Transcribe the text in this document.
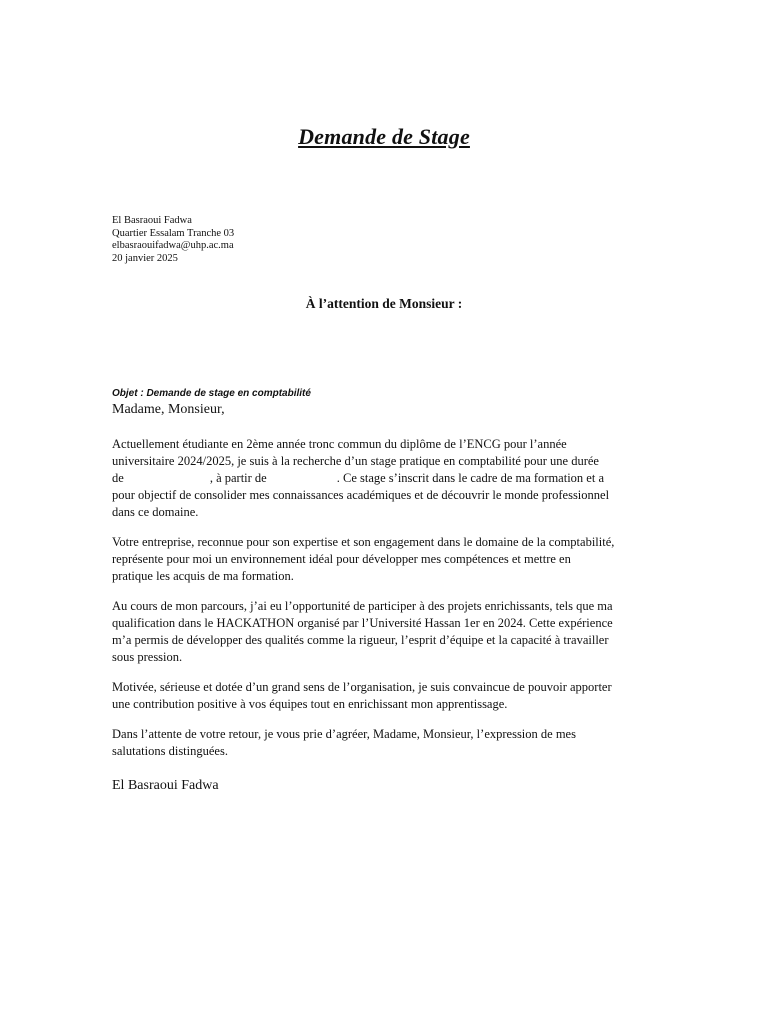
Demande de Stage
El Basraoui Fadwa
Quartier Essalam Tranche 03
elbasraouifadwa@uhp.ac.ma
20 janvier 2025
À l’attention de Monsieur :
Objet : Demande de stage en comptabilité
Madame, Monsieur,
Actuellement étudiante en 2ème année tronc commun du diplôme de l’ENCG pour l’année
universitaire 2024/2025, je suis à la recherche d’un stage pratique en comptabilité pour une durée
de	, à partir de	. Ce stage s’inscrit dans le cadre de ma formation et a
pour objectif de consolider mes connaissances académiques et de découvrir le monde professionnel
dans ce domaine.
Votre entreprise, reconnue pour son expertise et son engagement dans le domaine de la comptabilité,
représente pour moi un environnement idéal pour développer mes compétences et mettre en
pratique les acquis de ma formation.
Au cours de mon parcours, j’ai eu l’opportunité de participer à des projets enrichissants, tels que ma
qualification dans le HACKATHON organisé par l’Université Hassan 1er en 2024. Cette expérience
m’a permis de développer des qualités comme la rigueur, l’esprit d’équipe et la capacité à travailler
sous pression.
Motivée, sérieuse et dotée d’un grand sens de l’organisation, je suis convaincue de pouvoir apporter
une contribution positive à vos équipes tout en enrichissant mon apprentissage.
Dans l’attente de votre retour, je vous prie d’agréer, Madame, Monsieur, l’expression de mes
salutations distinguées.
El Basraoui Fadwa
